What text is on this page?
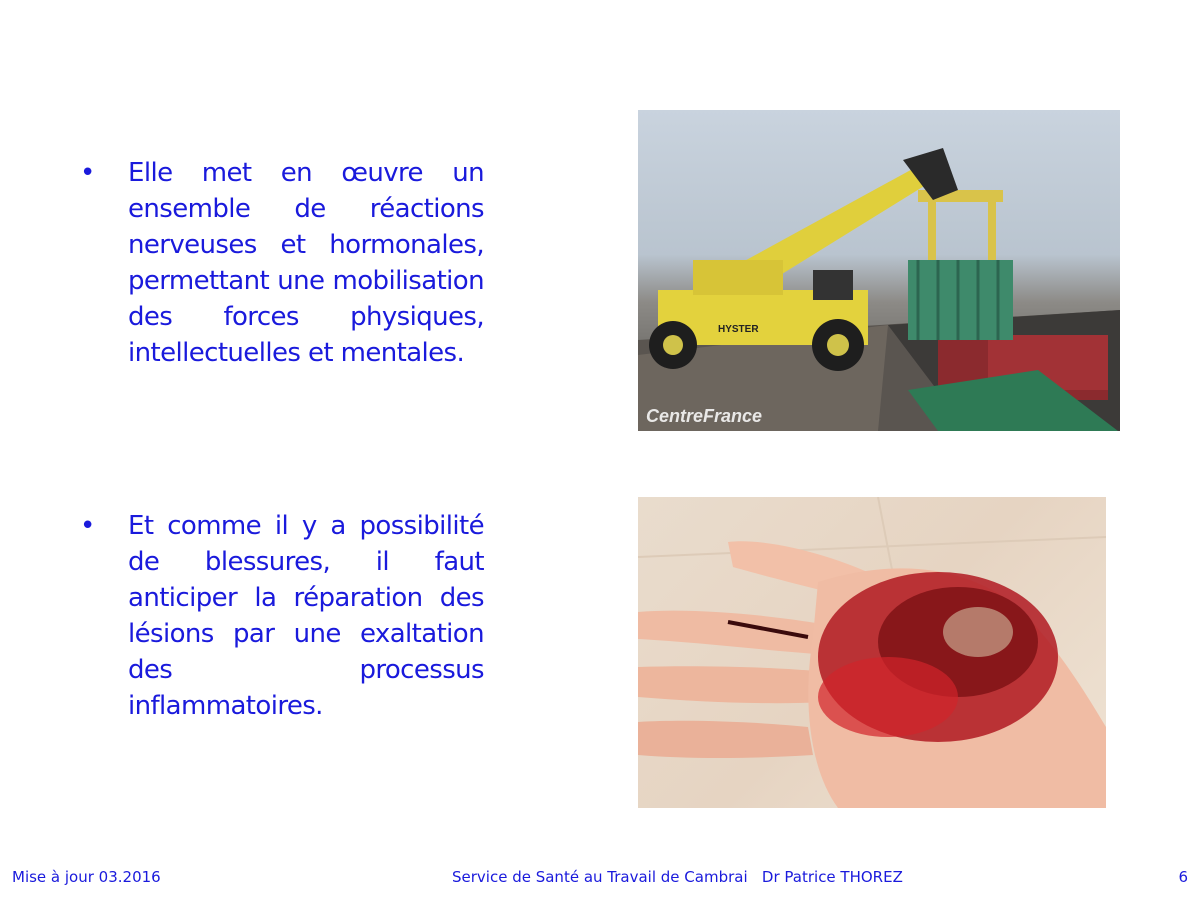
• Elle met en œuvre un ensemble de réactions nerveuses et hormonales, permettant une mobilisation des forces physiques, intellectuelles et mentales.
• Et comme il y a possibilité de blessures, il faut anticiper la réparation des lésions par une exaltation des processus inflammatoires.
HYSTER
CentreFrance
Mise à jour 03.2016	Service de Santé au Travail de Cambrai   Dr Patrice THOREZ	6
